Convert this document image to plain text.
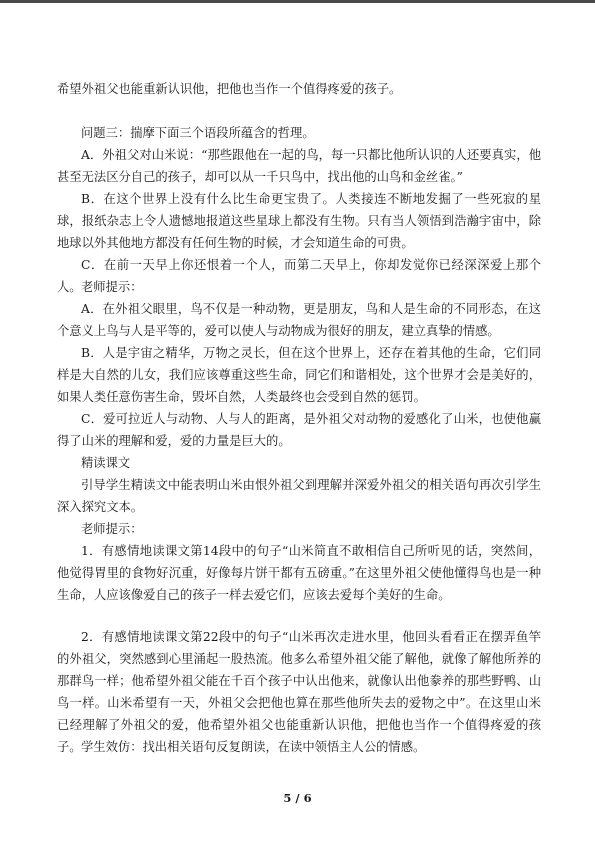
希望外祖父也能重新认识他，把他也当作一个值得疼爱的孩子。
问题三：揣摩下面三个语段所蕴含的哲理。
A．外祖父对山米说：“那些跟他在一起的鸟，每一只都比他所认识的人还要真实，他甚至无法区分自己的孩子，却可以从一千只鸟中，找出他的山鸟和金丝雀。”
B．在这个世界上没有什么比生命更宝贵了。人类接连不断地发掘了一些死寂的星球，报纸杂志上令人遗憾地报道这些星球上都没有生物。只有当人领悟到浩瀚宇宙中，除地球以外其他地方都没有任何生物的时候，才会知道生命的可贵。
C．在前一天早上你还恨着一个人，而第二天早上，你却发觉你已经深深爱上那个人。 老师提示：
A．在外祖父眼里，鸟不仅是一种动物，更是朋友，鸟和人是生命的不同形态，在这个意义上鸟与人是平等的，爱可以使人与动物成为很好的朋友，建立真挚的情感。
B．人是宇宙之精华，万物之灵长，但在这个世界上，还存在着其他的生命，它们同样是大自然的儿女，我们应该尊重这些生命，同它们和谐相处，这个世界才会是美好的，如果人类任意伤害生命，毁坏自然，人类最终也会受到自然的惩罚。
C．爱可拉近人与动物、人与人的距离，是外祖父对动物的爱感化了山米，也使他赢得了山米的理解和爱，爱的力量是巨大的。
精读课文
引导学生精读文中能表明山米由恨外祖父到理解并深爱外祖父的相关语句再次引学生深入探究文本。
老师提示：
1．有感情地读课文第14段中的句子“山米简直不敢相信自己所听见的话，突然间，他觉得胃里的食物好沉重，好像每片饼干都有五磅重。”在这里外祖父使他懂得鸟也是一种生命，人应该像爱自己的孩子一样去爱它们，应该去爱每个美好的生命。
2．有感情地读课文第22段中的句子“山米再次走进水里，他回头看看正在摆弄鱼竿的外祖父，突然感到心里涌起一股热流。他多么希望外祖父能了解他，就像了解他所养的那群鸟一样；他希望外祖父能在千百个孩子中认出他来，就像认出他豢养的那些野鸭、山鸟一样。山米希望有一天，外祖父会把他也算在那些他所失去的爱物之中”。在这里山米已经理解了外祖父的爱，他希望外祖父也能重新认识他，把他也当作一个值得疼爱的孩子。 学生效仿：找出相关语句反复朗读，在读中领悟主人公的情感。
5 / 6
